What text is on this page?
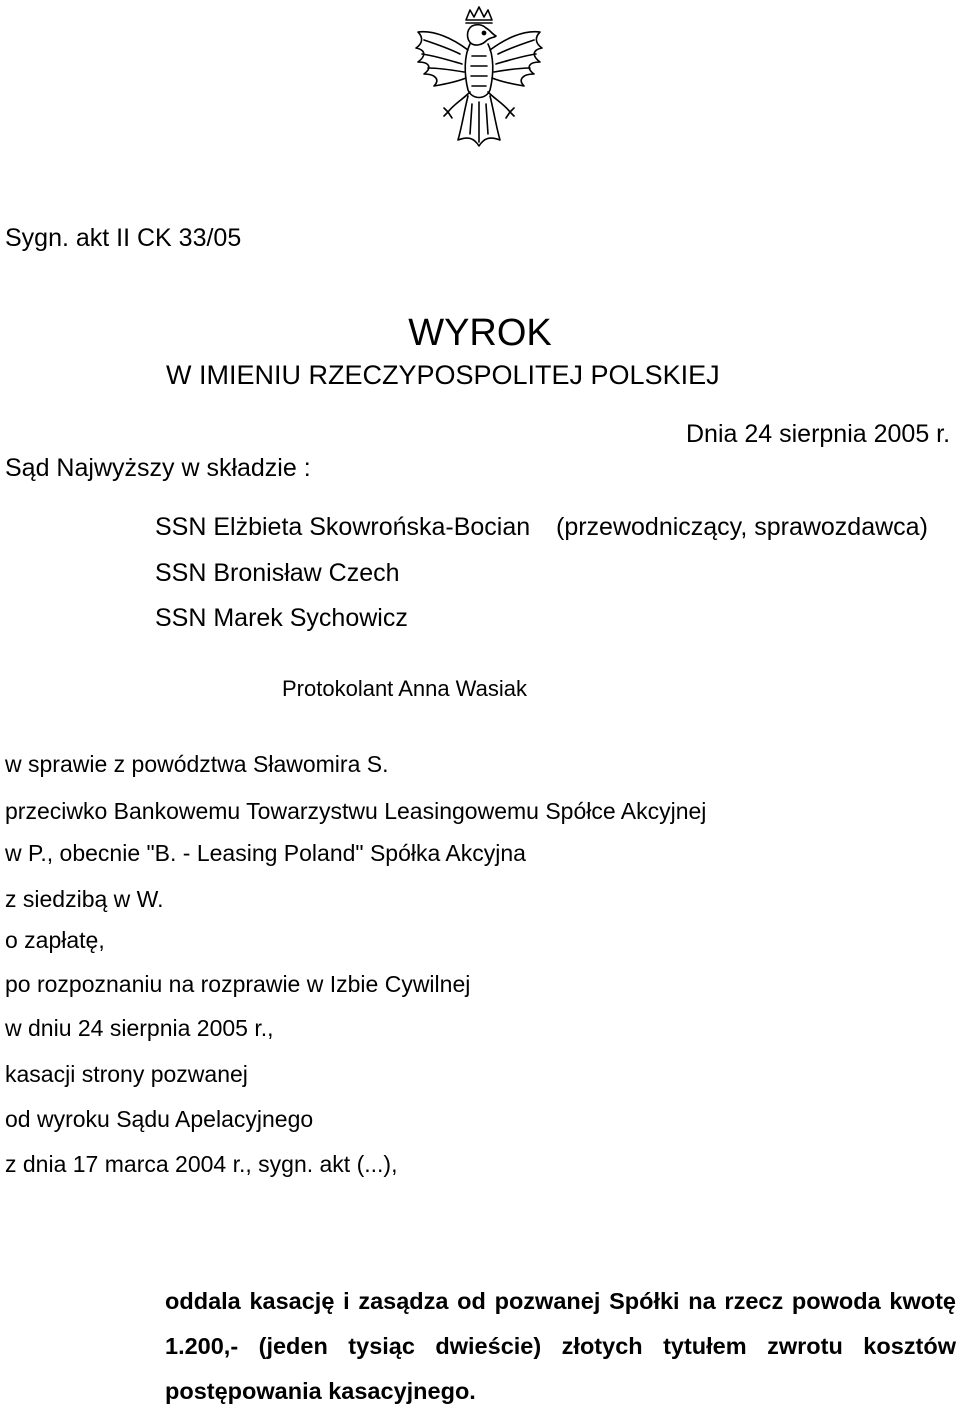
Sygn. akt II CK 33/05
WYROK
W IMIENIU RZECZYPOSPOLITEJ POLSKIEJ
Dnia 24 sierpnia 2005 r.
Sąd Najwyższy w składzie :
SSN Elżbieta Skowrońska-Bocian (przewodniczący, sprawozdawca)
SSN Bronisław Czech
SSN Marek Sychowicz
Protokolant Anna Wasiak
w sprawie z powództwa Sławomira S.
przeciwko Bankowemu Towarzystwu Leasingowemu Spółce Akcyjnej
w P., obecnie "B. - Leasing Poland" Spółka Akcyjna
z siedzibą w W.
o zapłatę,
po rozpoznaniu na rozprawie w Izbie Cywilnej
w dniu 24 sierpnia 2005 r.,
kasacji strony pozwanej
od wyroku Sądu Apelacyjnego
z dnia 17 marca 2004 r., sygn. akt (...),
oddala kasację i zasądza od pozwanej Spółki na rzecz powoda kwotę 1.200,- (jeden tysiąc dwieście) złotych tytułem zwrotu kosztów postępowania kasacyjnego.
